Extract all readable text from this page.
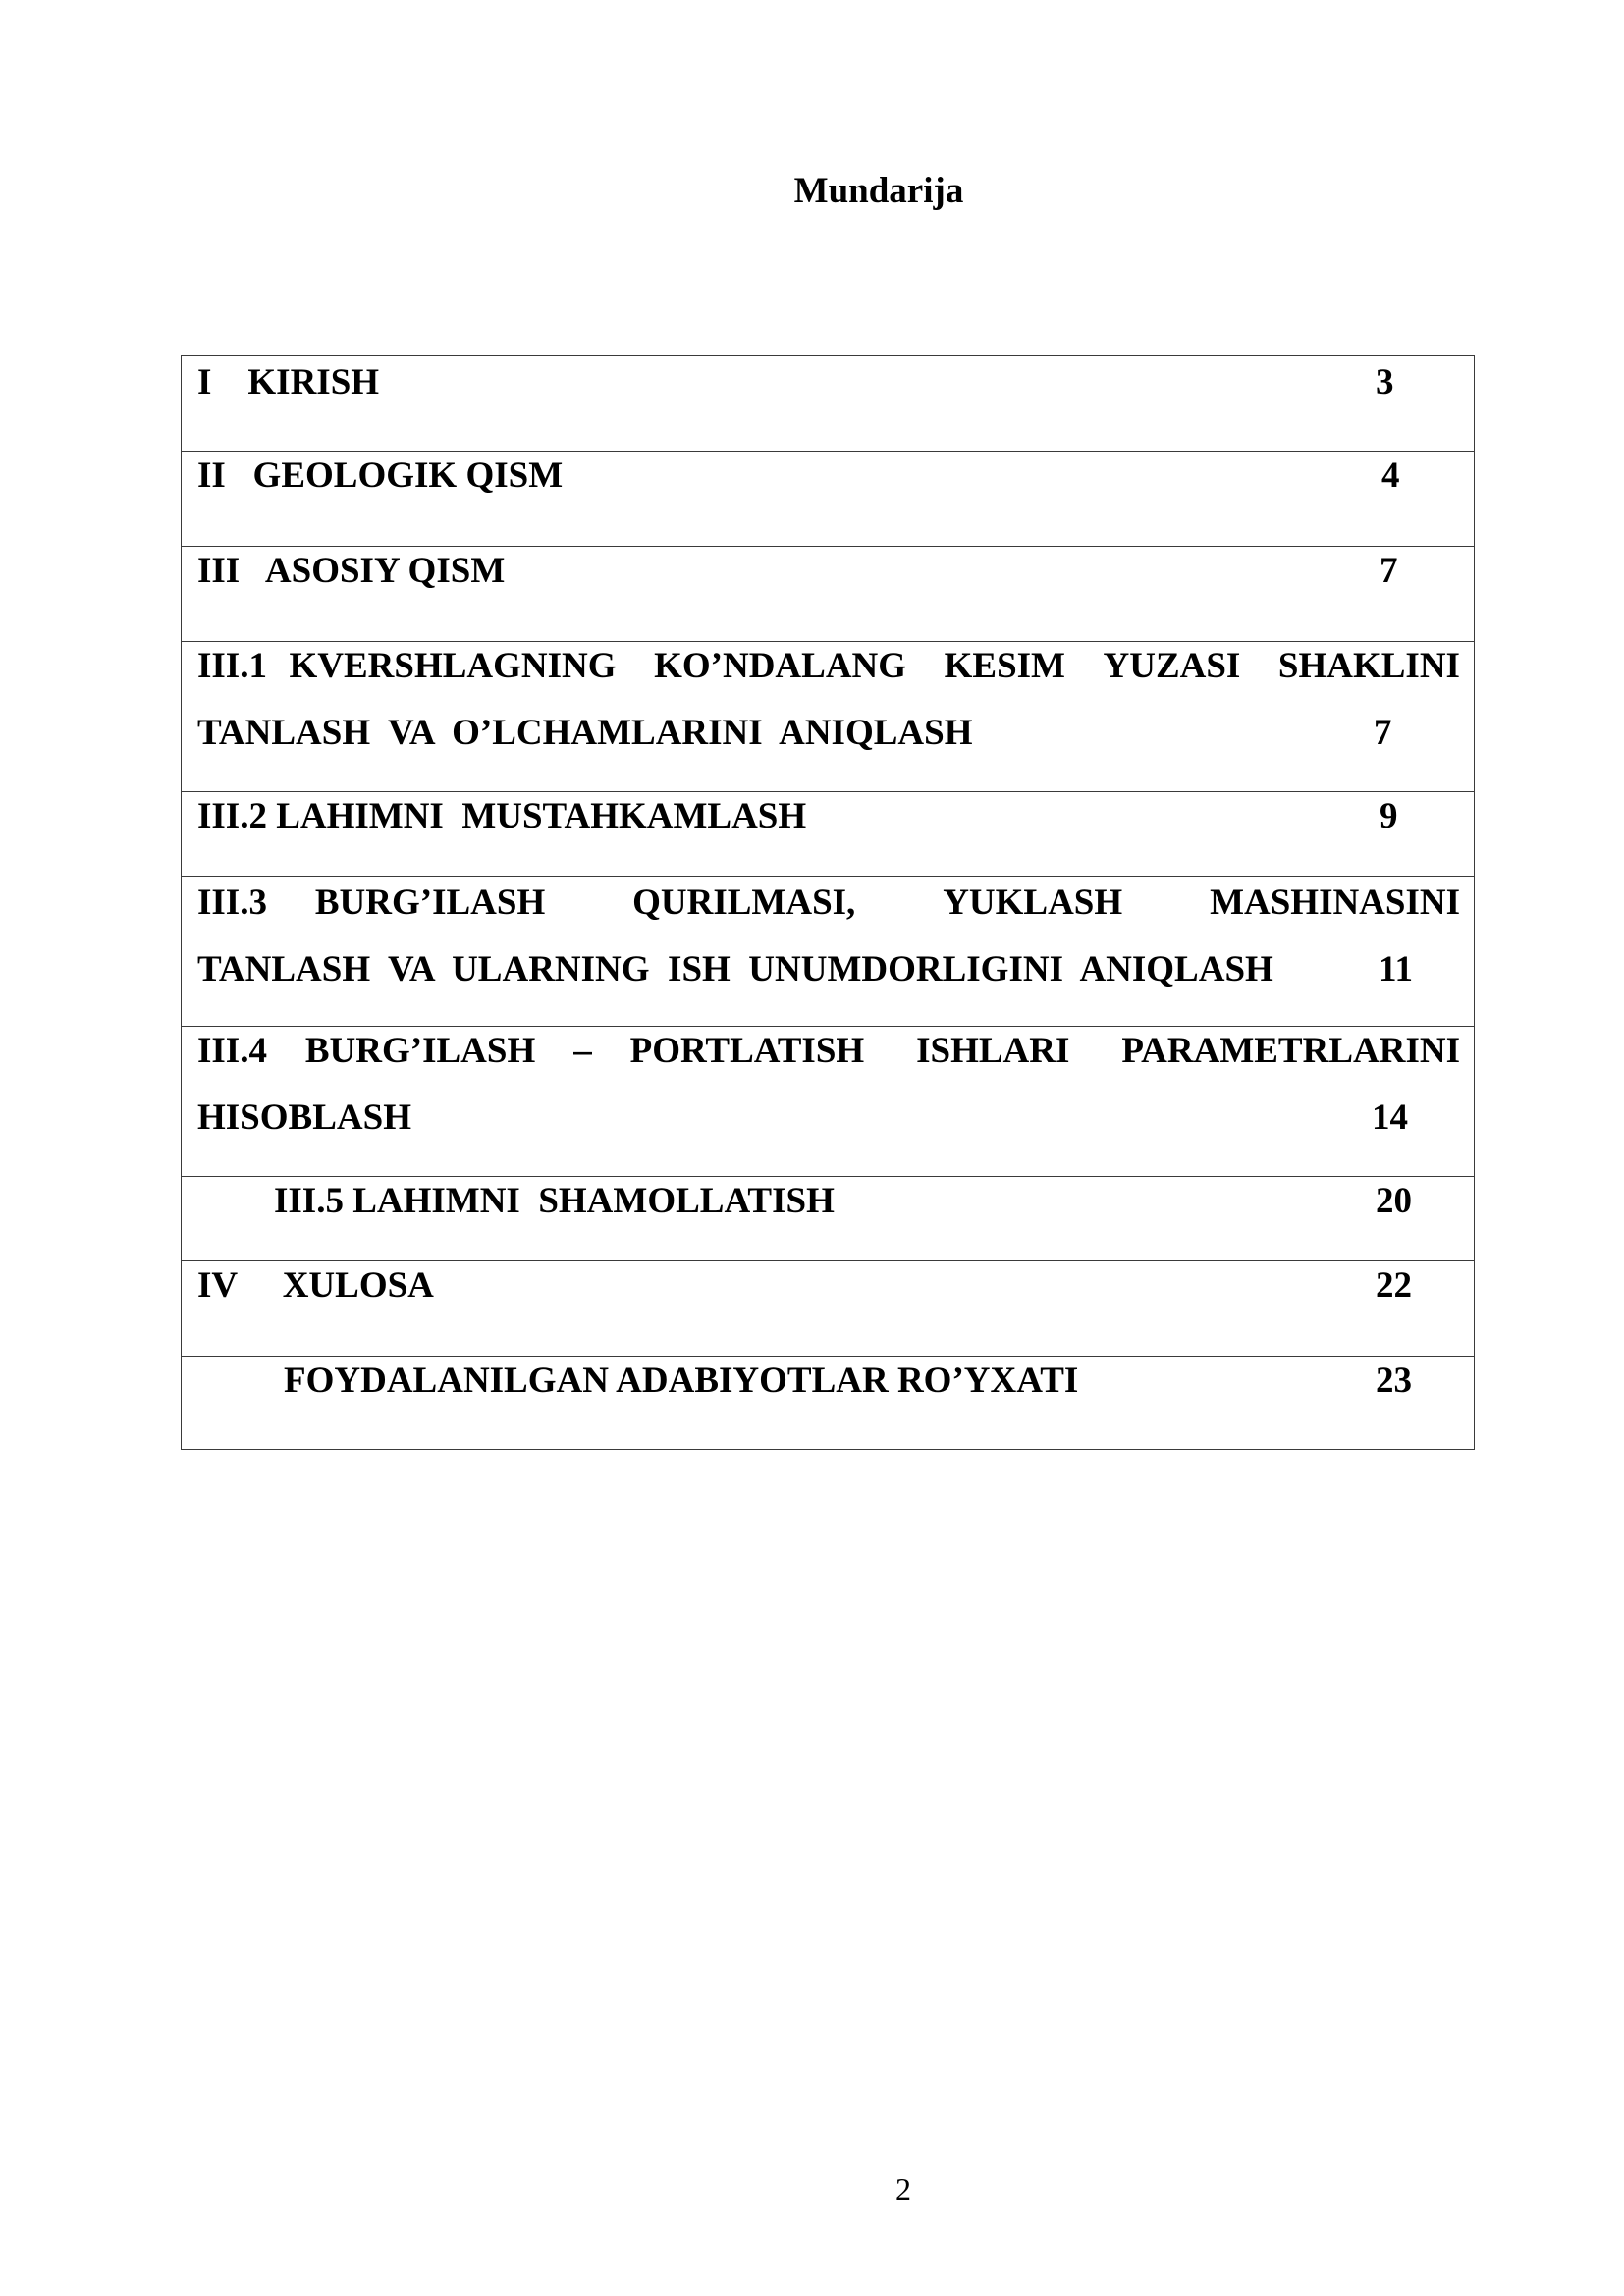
Mundarija
I    KIRISH	3
II   GEOLOGIK QISM	4
III   ASOSIY QISM	7
III.1 KVERSHLAGNING KO’NDALANG KESIM YUZASI SHAKLINI
TANLASH  VA  O’LCHAMLARINI  ANIQLASH	7
III.2 LAHIMNI  MUSTAHKAMLASH	9
III.3 BURG’ILASH QURILMASI, YUKLASH MASHINASINI
TANLASH  VA  ULARNING  ISH  UNUMDORLIGINI  ANIQLASH	11
III.4 BURG’ILASH – PORTLATISH ISHLARI PARAMETRLARINI
HISOBLASH	14
III.5 LAHIMNI  SHAMOLLATISH	20
IV     XULOSA	22
FOYDALANILGAN ADABIYOTLAR RO’YXATI	23
2
